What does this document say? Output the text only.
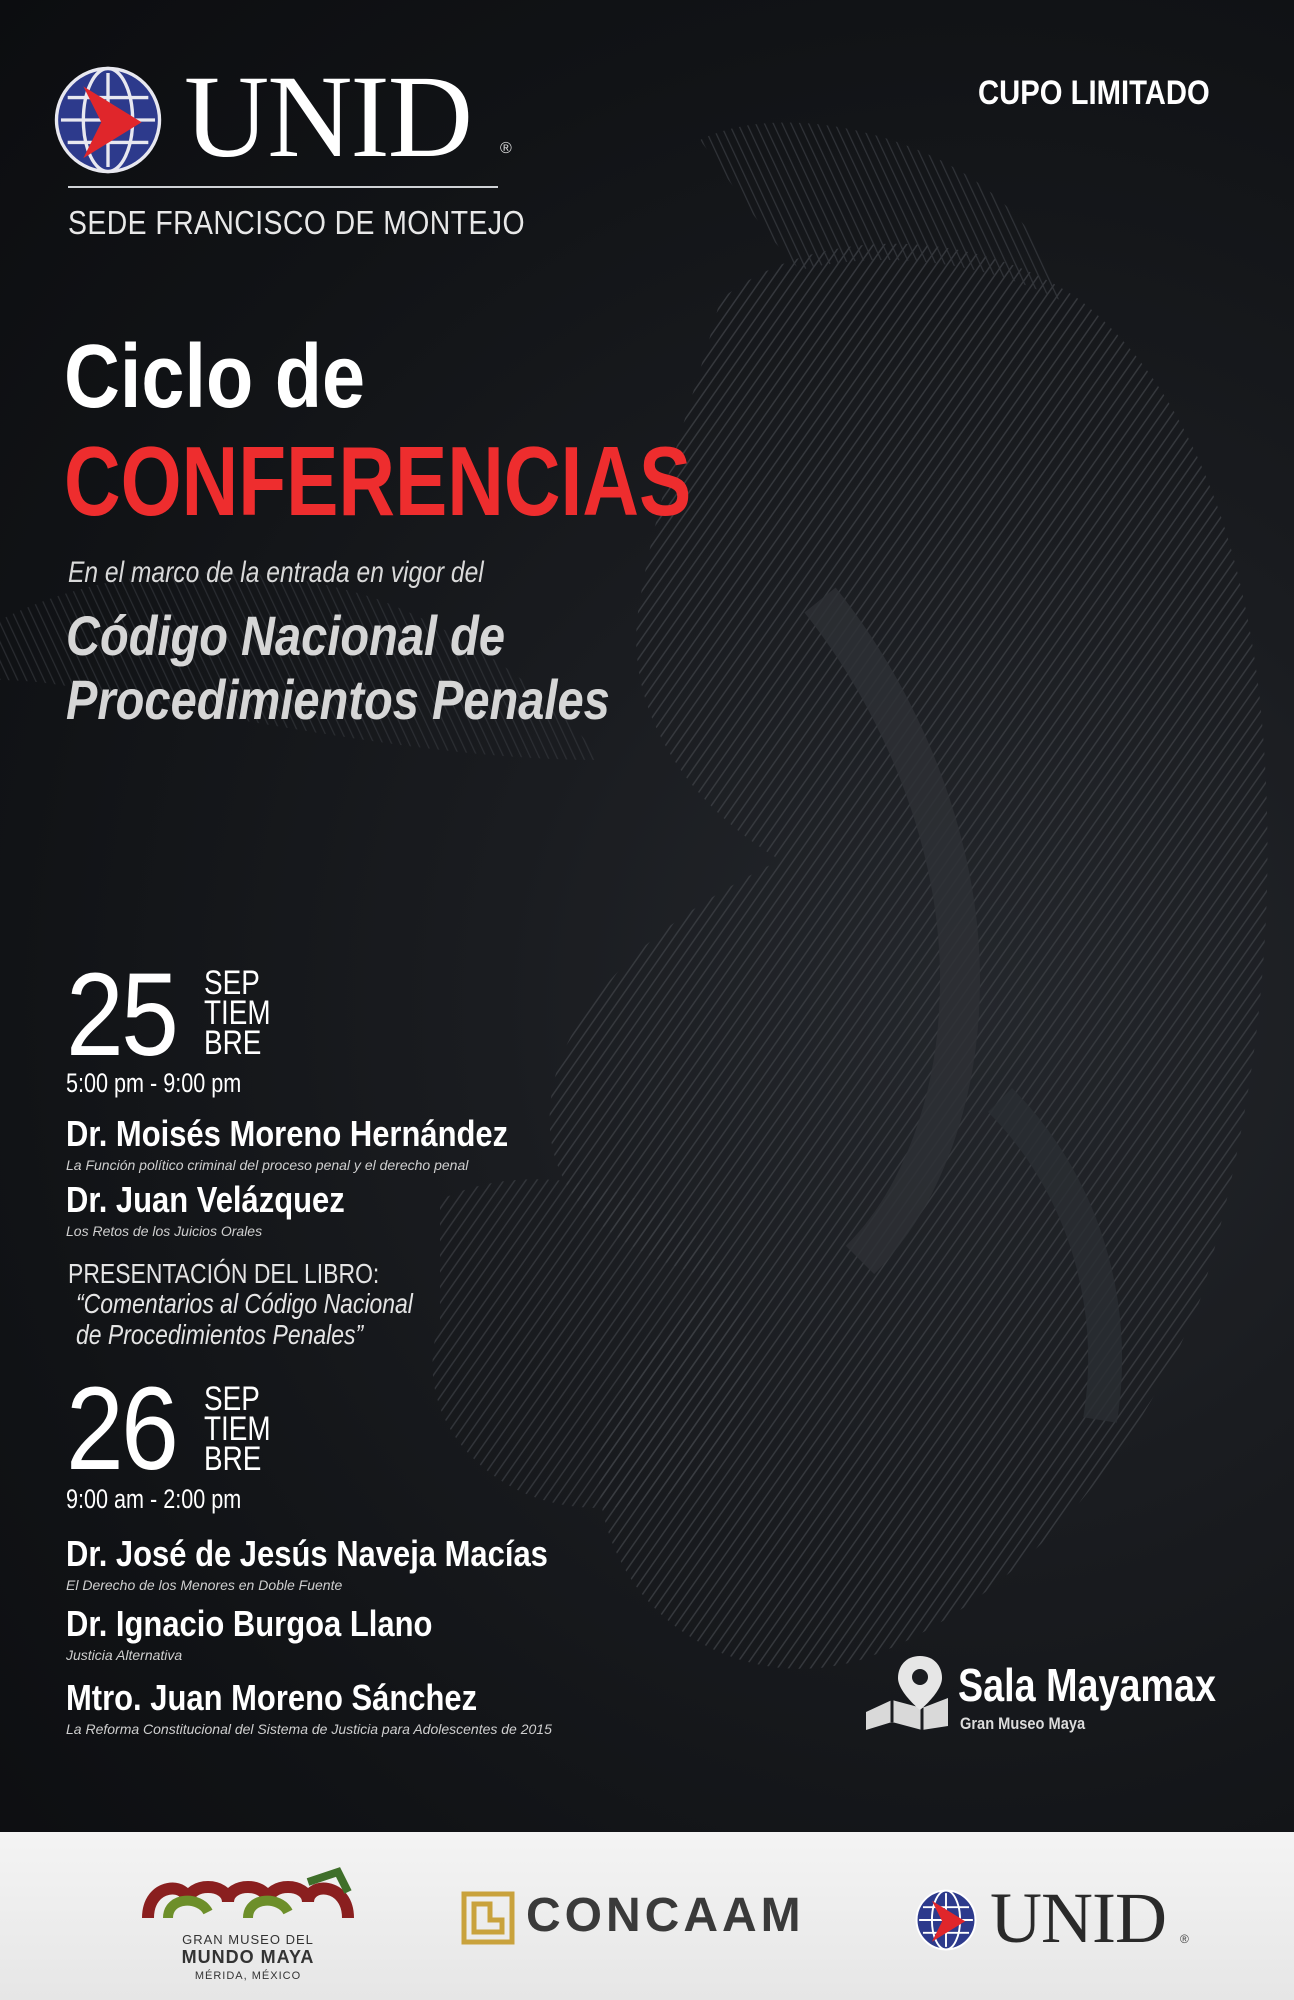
UNID ®
SEDE FRANCISCO DE MONTEJO
CUPO LIMITADO
Ciclo de
CONFERENCIAS
En el marco de la entrada en vigor del
Código Nacional de
Procedimientos Penales
25 SEP
TIEM
BRE
5:00 pm - 9:00 pm
Dr. Moisés Moreno Hernández
La Función político criminal del proceso penal y el derecho penal
Dr. Juan Velázquez
Los Retos de los Juicios Orales
PRESENTACIÓN DEL LIBRO:
“Comentarios al Código Nacional
de Procedimientos Penales”
26 SEP
TIEM
BRE
9:00 am - 2:00 pm
Dr. José de Jesús Naveja Macías
El Derecho de los Menores en Doble Fuente
Dr. Ignacio Burgoa Llano
Justicia Alternativa
Mtro. Juan Moreno Sánchez
La Reforma Constitucional del Sistema de Justicia para Adolescentes de 2015
Sala Mayamax
Gran Museo Maya
GRAN MUSEO DEL
MUNDO MAYA
MÉRIDA, MÉXICO
CONCAAM	UNID ®
